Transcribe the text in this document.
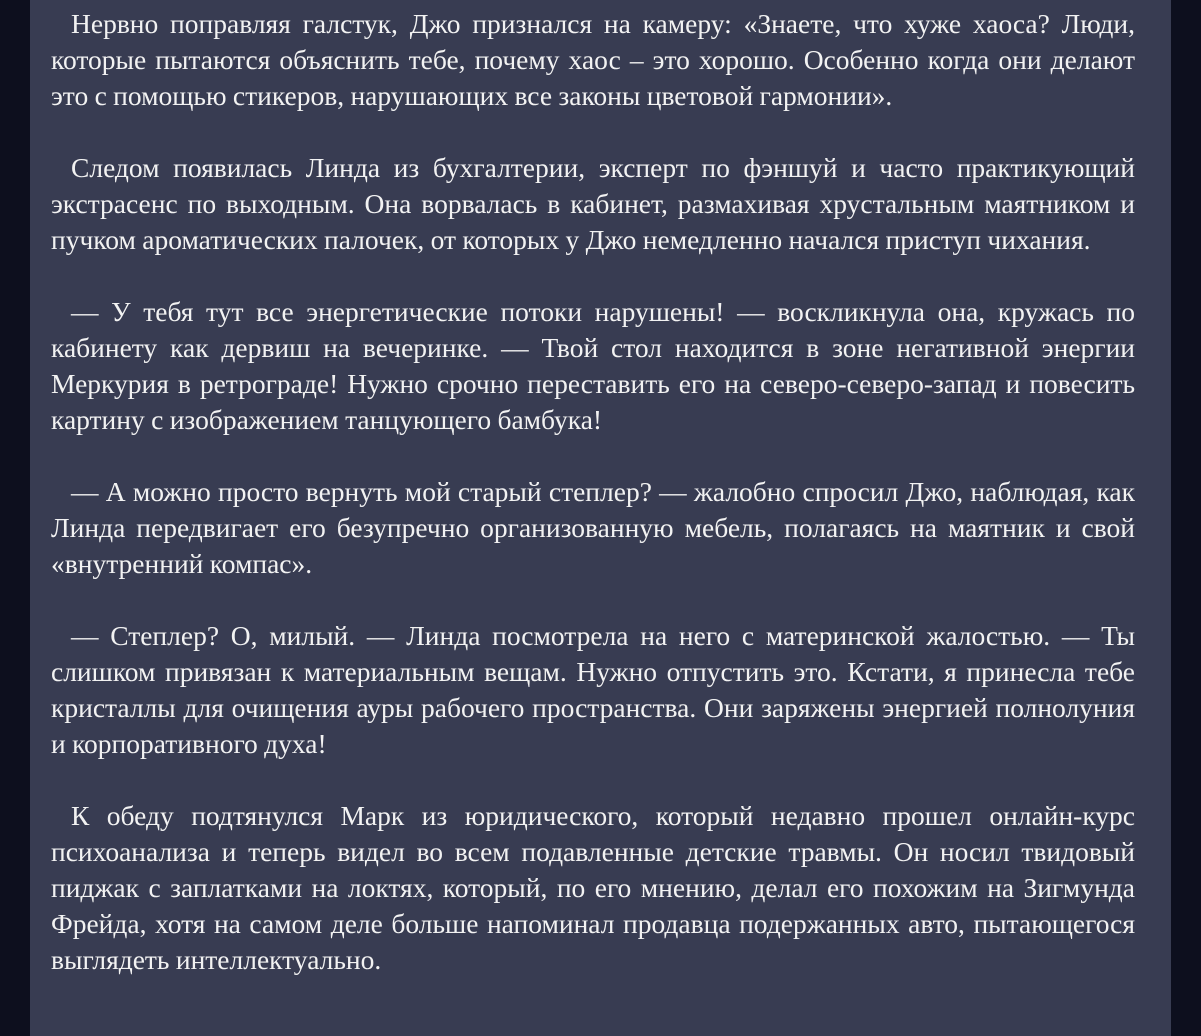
Нервно поправляя галстук, Джо признался на камеру: «Знаете, что хуже хаоса? Люди, которые пытаются объяснить тебе, почему хаос – это хорошо. Особенно когда они делают это с помощью стикеров, нарушающих все законы цветовой гармонии».

Следом появилась Линда из бухгалтерии, эксперт по фэншуй и часто практикующий экстрасенс по выходным. Она ворвалась в кабинет, размахивая хрустальным маятником и пучком ароматических палочек, от которых у Джо немедленно начался приступ чихания.

— У тебя тут все энергетические потоки нарушены! — воскликнула она, кружась по кабинету как дервиш на вечеринке. — Твой стол находится в зоне негативной энергии Меркурия в ретрограде! Нужно срочно переставить его на северо-северо-запад и повесить картину с изображением танцующего бамбука!

— А можно просто вернуть мой старый степлер? — жалобно спросил Джо, наблюдая, как Линда передвигает его безупречно организованную мебель, полагаясь на маятник и свой «внутренний компас».

— Степлер? О, милый. — Линда посмотрела на него с материнской жалостью. — Ты слишком привязан к материальным вещам. Нужно отпустить это. Кстати, я принесла тебе кристаллы для очищения ауры рабочего пространства. Они заряжены энергией полнолуния и корпоративного духа!

К обеду подтянулся Марк из юридического, который недавно прошел онлайн-курс психоанализа и теперь видел во всем подавленные детские травмы. Он носил твидовый пиджак с заплатками на локтях, который, по его мнению, делал его похожим на Зигмунда Фрейда, хотя на самом деле больше напоминал продавца подержанных авто, пытающегося выглядеть интеллектуально.
